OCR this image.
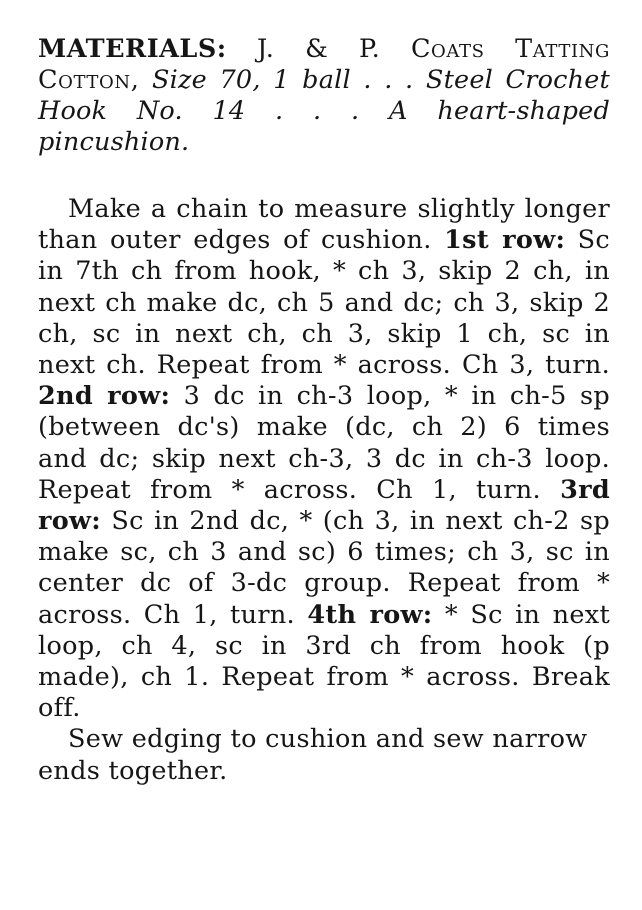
MATERIALS: J. & P. Coats Tatting Cotton, Size 70, 1 ball . . . Steel Crochet Hook No. 14 . . . A heart-shaped pincushion.

Make a chain to measure slightly longer than outer edges of cushion. 1st row: Sc in 7th ch from hook, * ch 3, skip 2 ch, in next ch make dc, ch 5 and dc; ch 3, skip 2 ch, sc in next ch, ch 3, skip 1 ch, sc in next ch. Repeat from * across. Ch 3, turn. 2nd row: 3 dc in ch-3 loop, * in ch-5 sp (between dc's) make (dc, ch 2) 6 times and dc; skip next ch-3, 3 dc in ch-3 loop. Repeat from * across. Ch 1, turn. 3rd row: Sc in 2nd dc, * (ch 3, in next ch-2 sp make sc, ch 3 and sc) 6 times; ch 3, sc in center dc of 3-dc group. Repeat from * across. Ch 1, turn. 4th row: * Sc in next loop, ch 4, sc in 3rd ch from hook (p made), ch 1. Repeat from * across. Break off.

Sew edging to cushion and sew narrow ends together.
